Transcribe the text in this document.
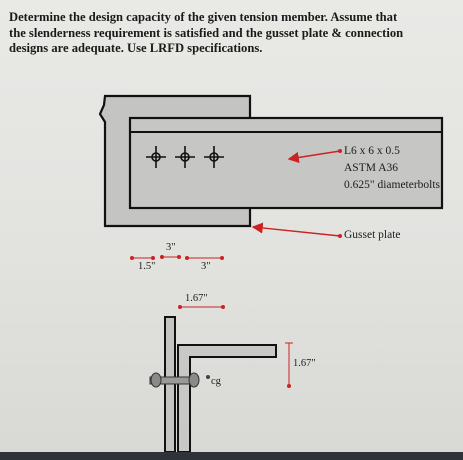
Determine the design capacity of the given tension member. Assume that
the slenderness requirement is satisfied and the gusset plate & connection
designs are adequate. Use LRFD specifications.
L6 x 6 x 0.5
ASTM A36
0.625" diameterbolts
Gusset plate
3"
1.5"	3"
1.67"
1.67"
cg
